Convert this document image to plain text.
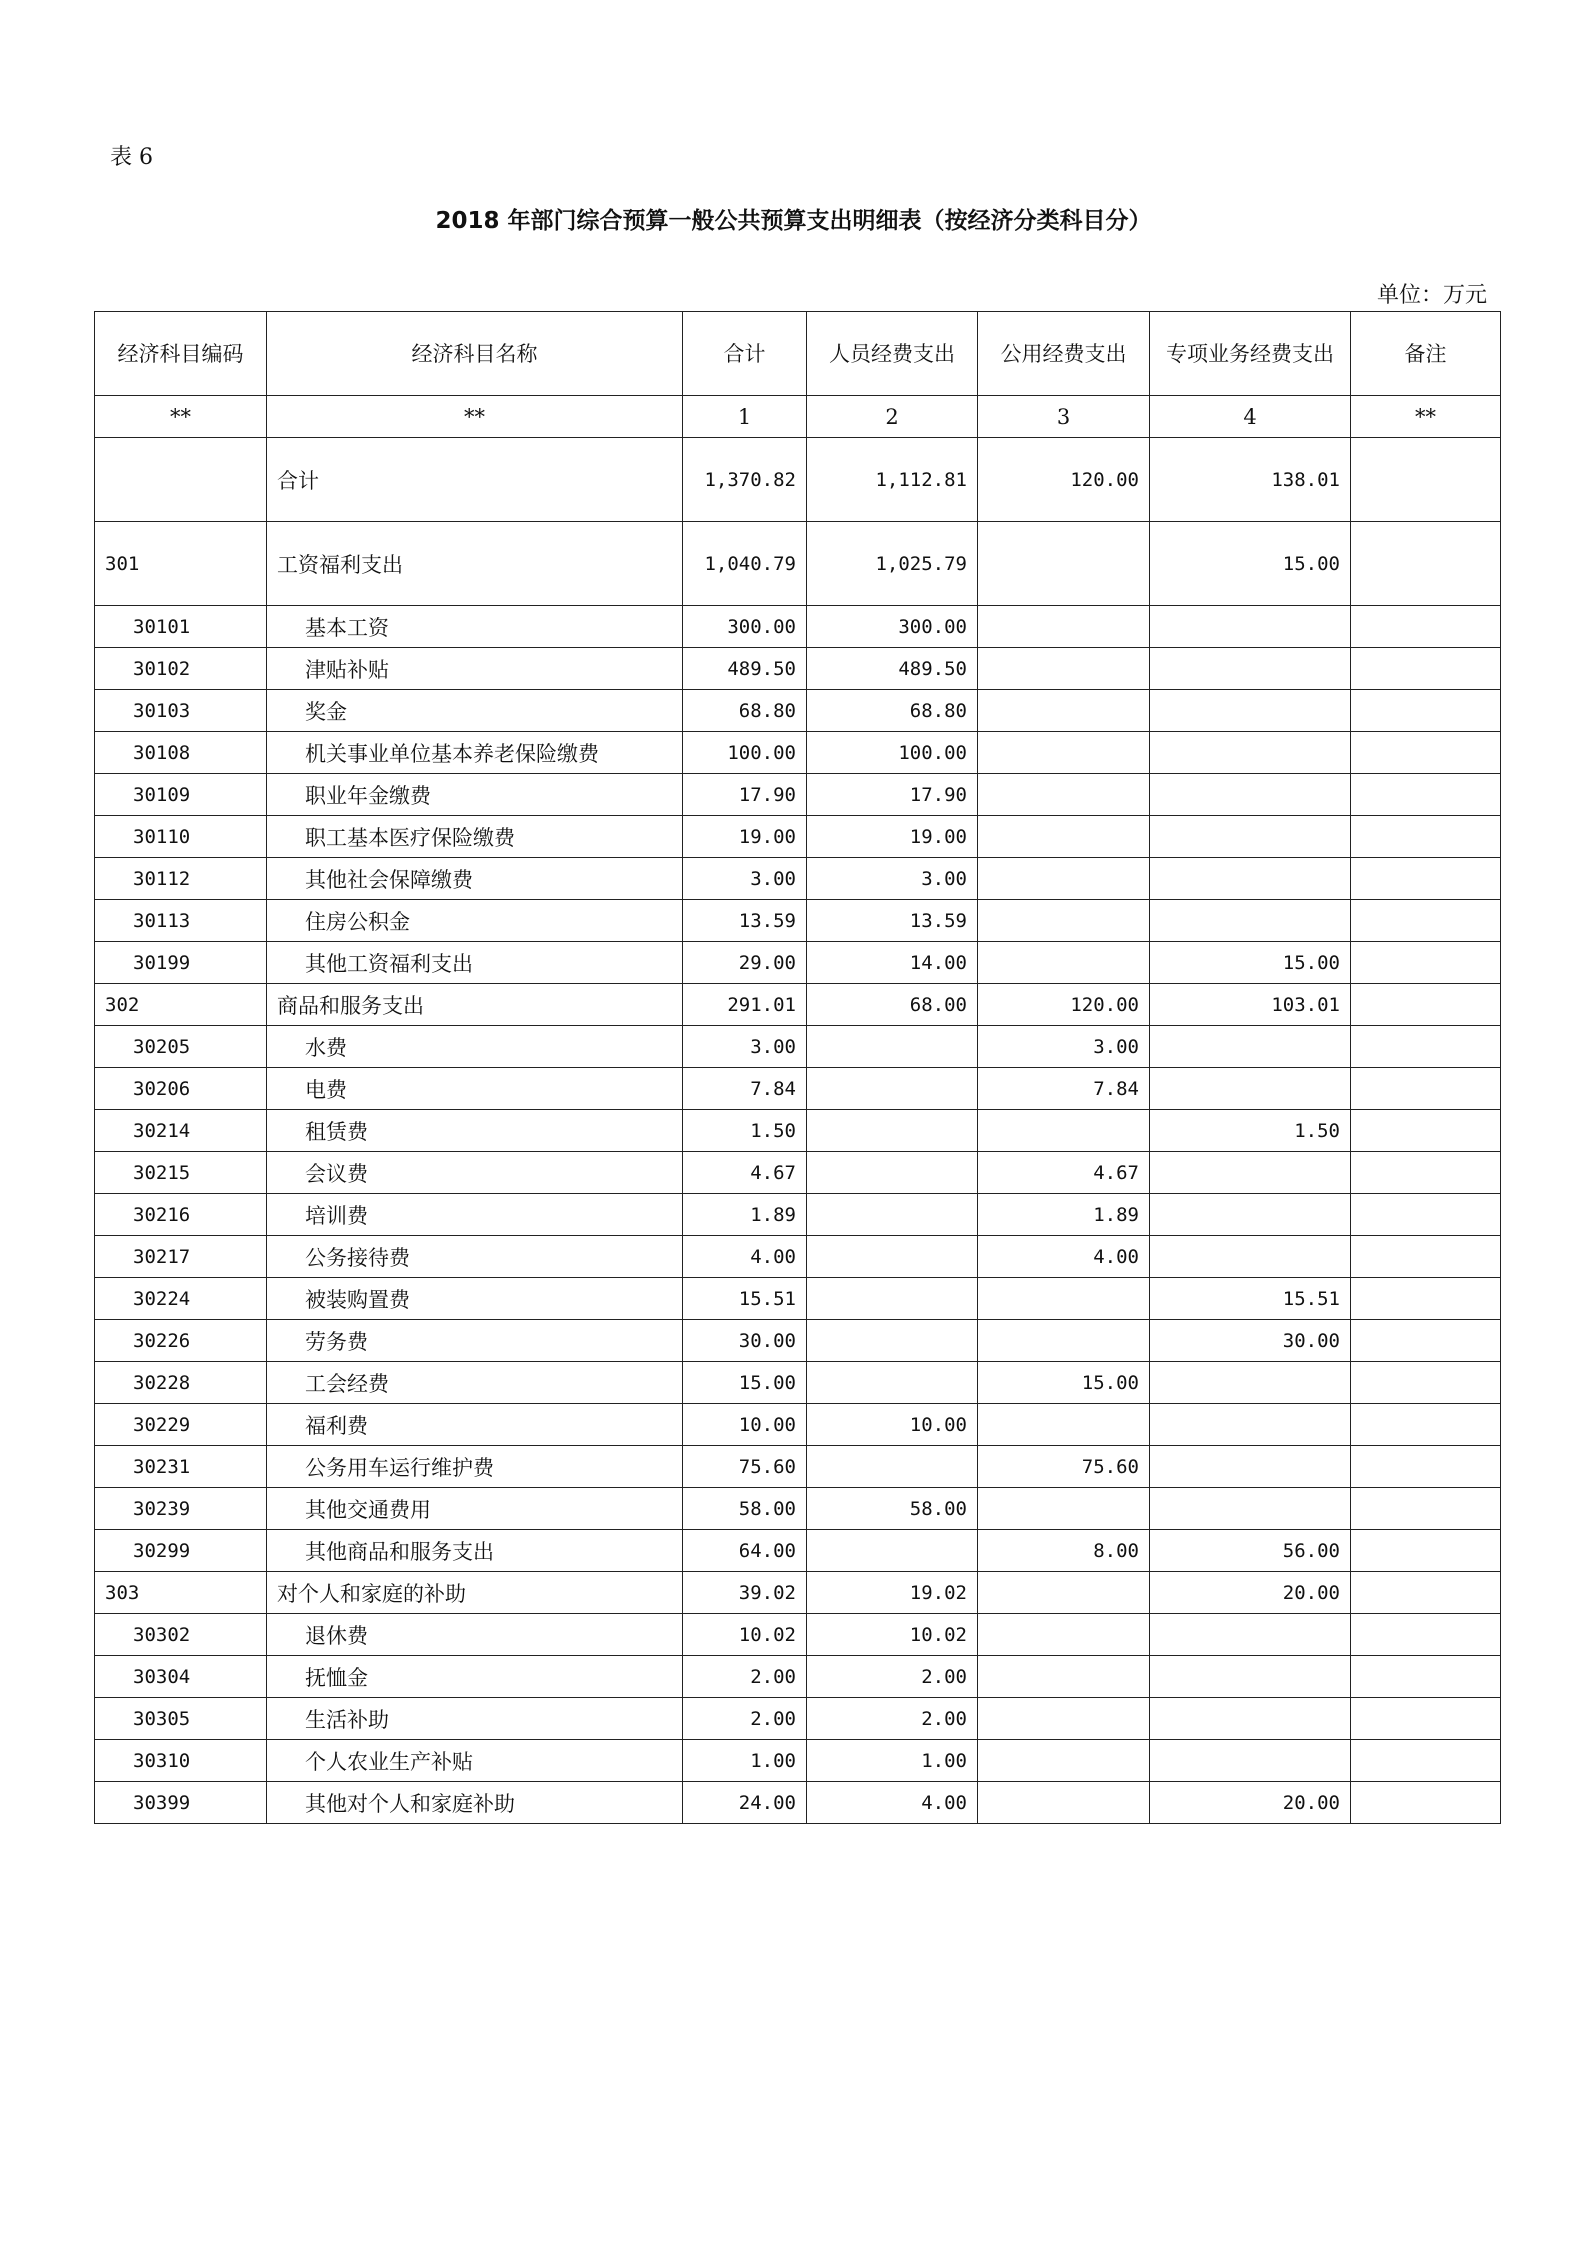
表 6
2018 年部门综合预算一般公共预算支出明细表（按经济分类科目分）
单位：万元
经济科目编码	经济科目名称	合计	人员经费支出	公用经费支出	专项业务经费支出	备注
**	**	1	2	3	4	**
	合计	1,370.82	1,112.81	120.00	138.01	
301	工资福利支出	1,040.79	1,025.79		15.00	
30101	基本工资	300.00	300.00			
30102	津贴补贴	489.50	489.50			
30103	奖金	68.80	68.80			
30108	机关事业单位基本养老保险缴费	100.00	100.00			
30109	职业年金缴费	17.90	17.90			
30110	职工基本医疗保险缴费	19.00	19.00			
30112	其他社会保障缴费	3.00	3.00			
30113	住房公积金	13.59	13.59			
30199	其他工资福利支出	29.00	14.00		15.00	
302	商品和服务支出	291.01	68.00	120.00	103.01	
30205	水费	3.00		3.00		
30206	电费	7.84		7.84		
30214	租赁费	1.50			1.50	
30215	会议费	4.67		4.67		
30216	培训费	1.89		1.89		
30217	公务接待费	4.00		4.00		
30224	被装购置费	15.51			15.51	
30226	劳务费	30.00			30.00	
30228	工会经费	15.00		15.00		
30229	福利费	10.00	10.00			
30231	公务用车运行维护费	75.60		75.60		
30239	其他交通费用	58.00	58.00			
30299	其他商品和服务支出	64.00		8.00	56.00	
303	对个人和家庭的补助	39.02	19.02		20.00	
30302	退休费	10.02	10.02			
30304	抚恤金	2.00	2.00			
30305	生活补助	2.00	2.00			
30310	个人农业生产补贴	1.00	1.00			
30399	其他对个人和家庭补助	24.00	4.00		20.00	
